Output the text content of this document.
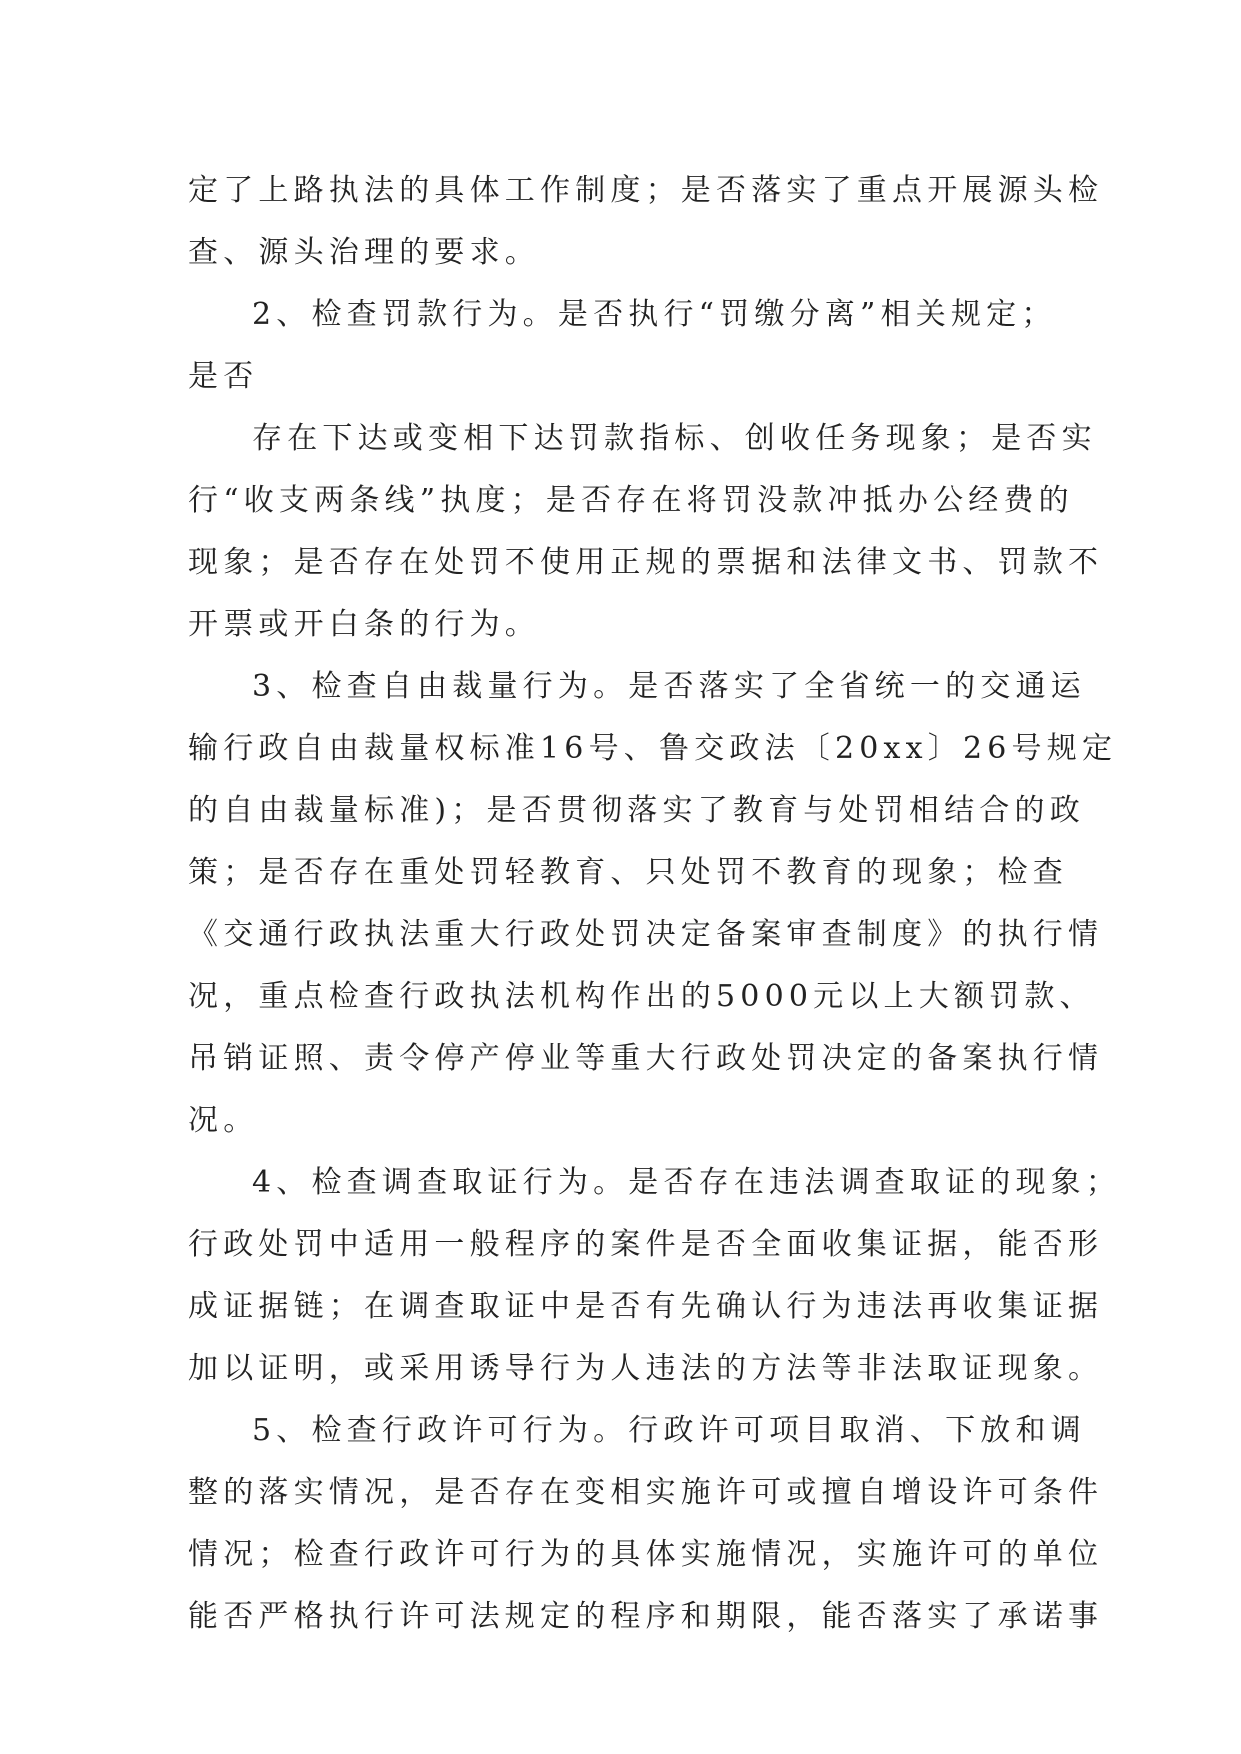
定了上路执法的具体工作制度；是否落实了重点开展源头检
查、源头治理的要求。
2、检查罚款行为。是否执行“罚缴分离”相关规定；
是否
存在下达或变相下达罚款指标、创收任务现象；是否实
行“收支两条线”执度；是否存在将罚没款冲抵办公经费的
现象；是否存在处罚不使用正规的票据和法律文书、罚款不
开票或开白条的行为。
3、检查自由裁量行为。是否落实了全省统一的交通运
输行政自由裁量权标准16号、鲁交政法〔20xx〕26号规定
的自由裁量标准)；是否贯彻落实了教育与处罚相结合的政
策；是否存在重处罚轻教育、只处罚不教育的现象；检查
《交通行政执法重大行政处罚决定备案审查制度》的执行情
况，重点检查行政执法机构作出的5000元以上大额罚款、
吊销证照、责令停产停业等重大行政处罚决定的备案执行情
况。
4、检查调查取证行为。是否存在违法调查取证的现象；
行政处罚中适用一般程序的案件是否全面收集证据，能否形
成证据链；在调查取证中是否有先确认行为违法再收集证据
加以证明，或采用诱导行为人违法的方法等非法取证现象。
5、检查行政许可行为。行政许可项目取消、下放和调
整的落实情况，是否存在变相实施许可或擅自增设许可条件
情况；检查行政许可行为的具体实施情况，实施许可的单位
能否严格执行许可法规定的程序和期限，能否落实了承诺事
